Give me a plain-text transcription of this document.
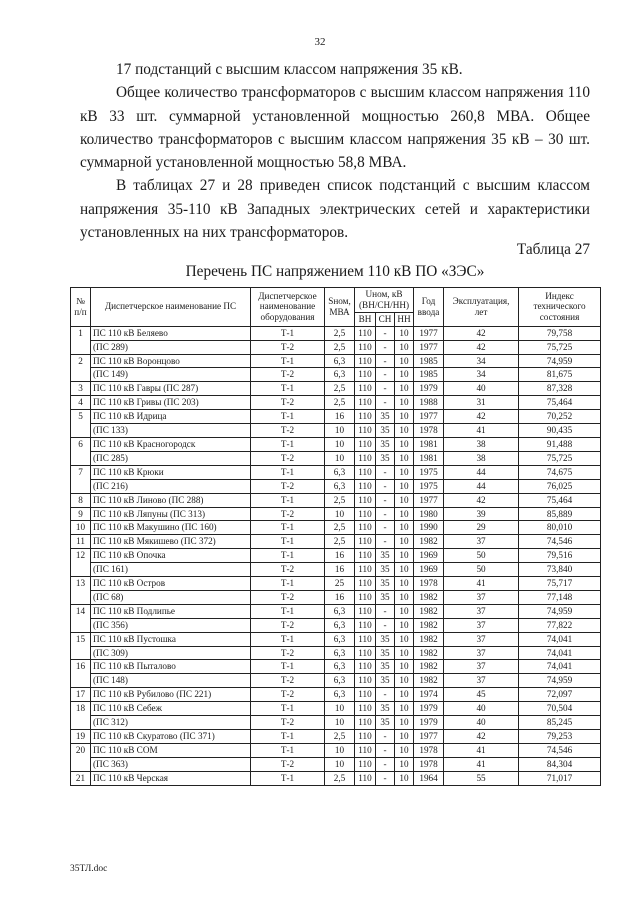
32

17 подстанций с высшим классом напряжения 35 кВ.

Общее количество трансформаторов с высшим классом напряжения 110 кВ 33 шт. суммарной установленной мощностью 260,8 МВА. Общее количество трансформаторов с высшим классом напряжения 35 кВ – 30 шт. суммарной установленной мощностью 58,8 МВА.

В таблицах 27 и 28 приведен список подстанций с высшим классом напряжения 35-110 кВ Западных электрических сетей и характеристики установленных на них трансформаторов.

Таблица 27
Перечень ПС напряжением 110 кВ ПО «ЗЭС»
№ п/п	Диспетчерское наименование ПС	Диспетчерское наименование оборудования	Sном, МВА	Uном, кВ (ВН/СН/НН)			Год ввода	Эксплуатация, лет	Индекс технического состояния
				ВН	СН	НН			
1	ПС 110 кВ Беляево	Т-1	2,5	110	-	10	1977	42	79,758
	(ПС 289)	Т-2	2,5	110	-	10	1977	42	75,725
2	ПС 110 кВ Воронцово	Т-1	6,3	110	-	10	1985	34	74,959
	(ПС 149)	Т-2	6,3	110	-	10	1985	34	81,675
3	ПС 110 кВ Гавры (ПС 287)	Т-1	2,5	110	-	10	1979	40	87,328
4	ПС 110 кВ Гривы (ПС 203)	Т-2	2,5	110	-	10	1988	31	75,464
5	ПС 110 кВ Идрица	Т-1	16	110	35	10	1977	42	70,252
	(ПС 133)	Т-2	10	110	35	10	1978	41	90,435
6	ПС 110 кВ Красногородск	Т-1	10	110	35	10	1981	38	91,488
	(ПС 285)	Т-2	10	110	35	10	1981	38	75,725
7	ПС 110 кВ Крюки	Т-1	6,3	110	-	10	1975	44	74,675
	(ПС 216)	Т-2	6,3	110	-	10	1975	44	76,025
8	ПС 110 кВ Линово (ПС 288)	Т-1	2,5	110	-	10	1977	42	75,464
9	ПС 110 кВ Ляпуны (ПС 313)	Т-2	10	110	-	10	1980	39	85,889
10	ПС 110 кВ Макушино (ПС 160)	Т-1	2,5	110	-	10	1990	29	80,010
11	ПС 110 кВ Мякишево (ПС 372)	Т-1	2,5	110	-	10	1982	37	74,546
12	ПС 110 кВ Опочка	Т-1	16	110	35	10	1969	50	79,516
	(ПС 161)	Т-2	16	110	35	10	1969	50	73,840
13	ПС 110 кВ Остров	Т-1	25	110	35	10	1978	41	75,717
	(ПС 68)	Т-2	16	110	35	10	1982	37	77,148
14	ПС 110 кВ Подлипье	Т-1	6,3	110	-	10	1982	37	74,959
	(ПС 356)	Т-2	6,3	110	-	10	1982	37	77,822
15	ПС 110 кВ Пустошка	Т-1	6,3	110	35	10	1982	37	74,041
	(ПС 309)	Т-2	6,3	110	35	10	1982	37	74,041
16	ПС 110 кВ Пыталово	Т-1	6,3	110	35	10	1982	37	74,041
	(ПС 148)	Т-2	6,3	110	35	10	1982	37	74,959
17	ПС 110 кВ Рубилово (ПС 221)	Т-2	6,3	110	-	10	1974	45	72,097
18	ПС 110 кВ Себеж	Т-1	10	110	35	10	1979	40	70,504
	(ПС 312)	Т-2	10	110	35	10	1979	40	85,245
19	ПС 110 кВ Скуратово (ПС 371)	Т-1	2,5	110	-	10	1977	42	79,253
20	ПС 110 кВ СОМ	Т-1	10	110	-	10	1978	41	74,546
	(ПС 363)	Т-2	10	110	-	10	1978	41	84,304
21	ПС 110 кВ Черская	Т-1	2,5	110	-	10	1964	55	71,017
35ТЛ.doc
